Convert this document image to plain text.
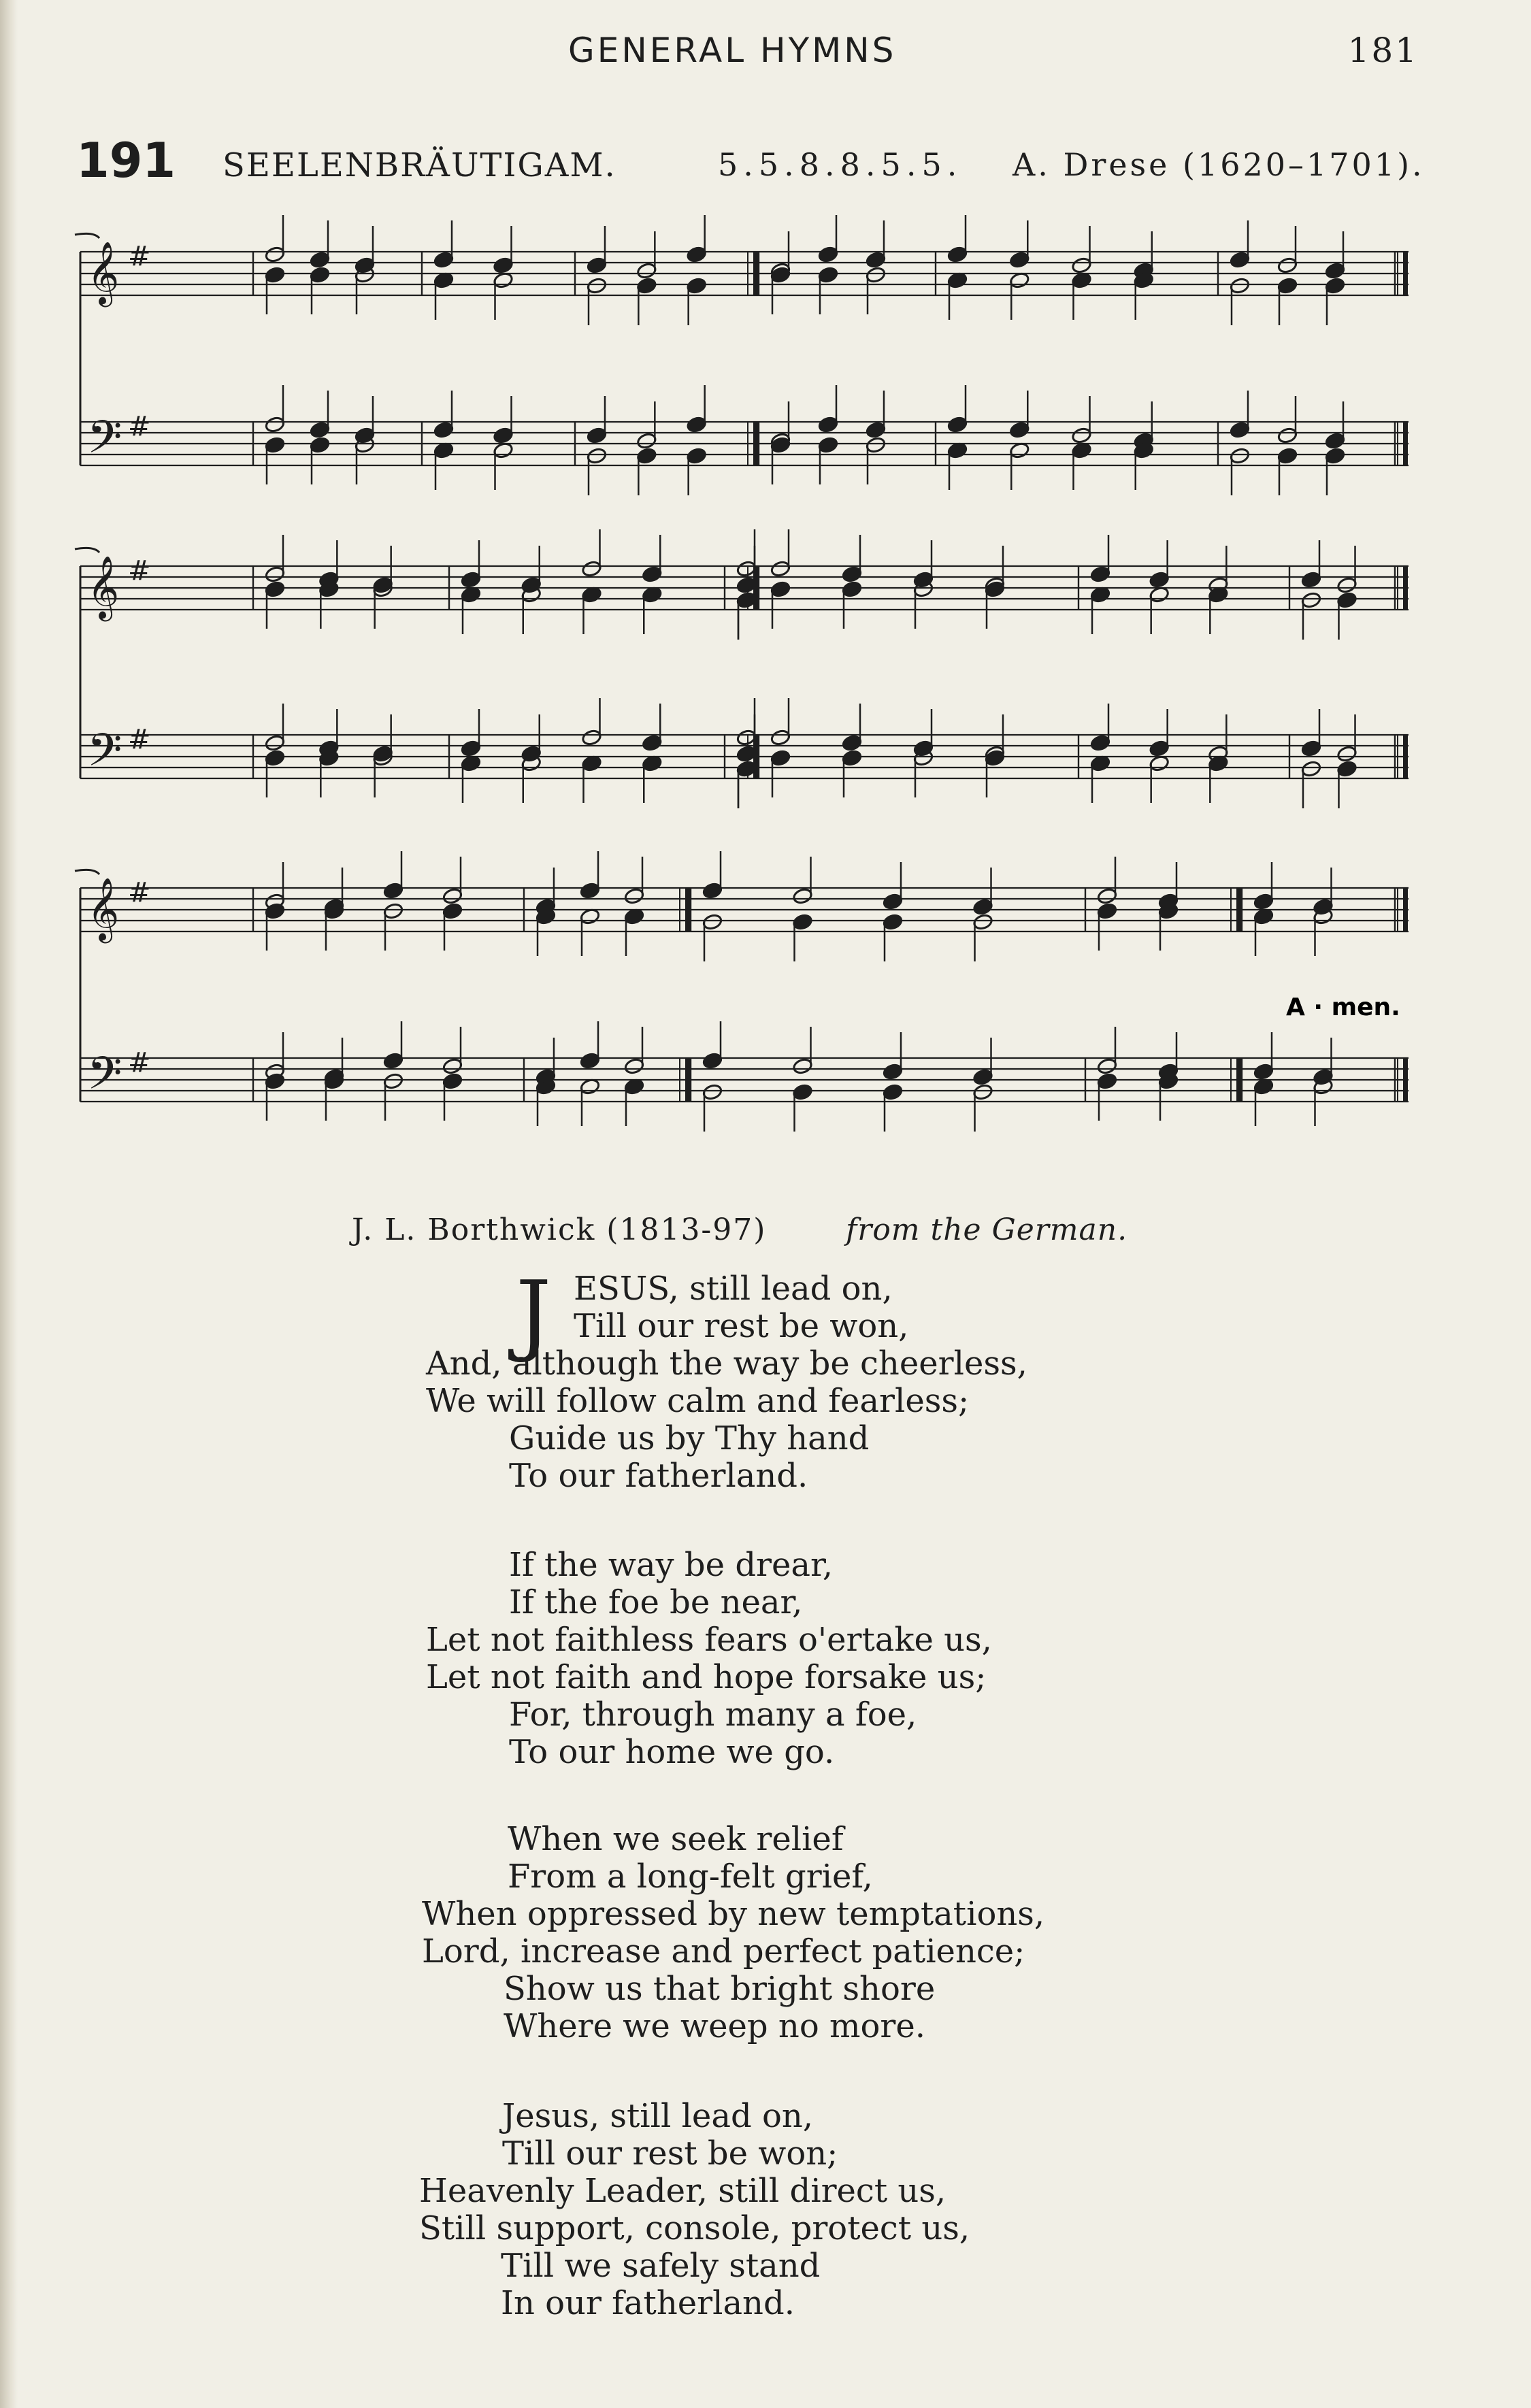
GENERAL HYMNS	181
191 SEELENBRÄUTIGAM.	5.5.8.8.5.5. A. Drese (1620–1701).
𝄞 #
𝄢 #
𝄞 #
𝄢 #
𝄞 #
𝄢 #
A · men.
J. L. Borthwick (1813-97)	from the German.
J ESUS, still lead on,
Till our rest be won,
And, although the way be cheerless,
We will follow calm and fearless;
Guide us by Thy hand
To our fatherland.
If the way be drear,
If the foe be near,
Let not faithless fears o'ertake us,
Let not faith and hope forsake us;
For, through many a foe,
To our home we go.
When we seek relief
From a long-felt grief,
When oppressed by new temptations,
Lord, increase and perfect patience;
Show us that bright shore
Where we weep no more.
Jesus, still lead on,
Till our rest be won;
Heavenly Leader, still direct us,
Still support, console, protect us,
Till we safely stand
In our fatherland.
